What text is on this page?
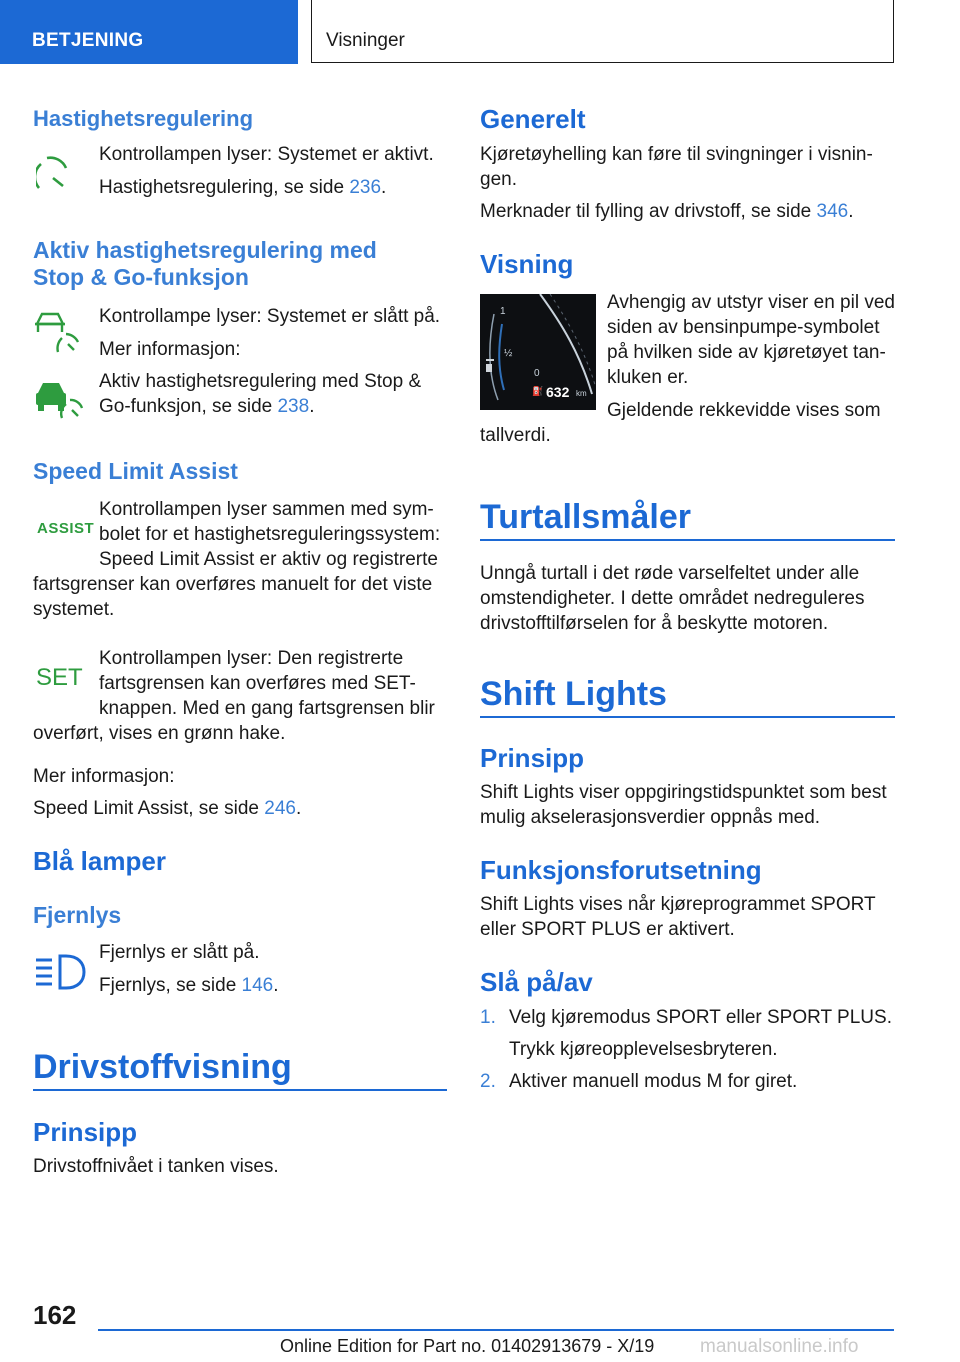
BETJENING	Visninger
Hastighetsregulering

Kontrollampen lyser: Systemet er aktivt.

Hastighetsregulering, se side 236.

Aktiv hastighetsregulering med
Stop & Go-funksjon

Kontrollampe lyser: Systemet er slått på.

Mer informasjon:

Aktiv hastighetsregulering med Stop &

Go-funksjon, se side 238.

Speed Limit Assist
ASSIST

Kontrollampen lyser sammen med sym-

bolet for et hastighetsreguleringssystem:

Speed Limit Assist er aktiv og registrerte

fartsgrenser kan overføres manuelt for det viste

systemet.

SET

Kontrollampen lyser: Den registrerte

fartsgrensen kan overføres med SET-

knappen. Med en gang fartsgrensen blir

overført, vises en grønn hake.

Mer informasjon:

Speed Limit Assist, se side 246.

Blå lamper
Fjernlys

Fjernlys er slått på.

Fjernlys, se side 146.

Drivstoffvisning
Prinsipp

Drivstoffnivået i tanken vises.

Generelt

Kjøretøyhelling kan føre til svingninger i visnin-

gen.

Merknader til fylling av drivstoff, se side 346.

Visning
1
½
0
⛽ 632 km

Avhengig av utstyr viser en pil ved

siden av bensinpumpe-symbolet

på hvilken side av kjøretøyet tan-

kluken er.

Gjeldende rekkevidde vises som

tallverdi.

Turtallsmåler

Unngå turtall i det røde varselfeltet under alle

omstendigheter. I dette området nedreguleres

drivstofftilførselen for å beskytte motoren.

Shift Lights
Prinsipp

Shift Lights viser oppgiringstidspunktet som best

mulig akselerasjonsverdier oppnås med.

Funksjonsforutsetning

Shift Lights vises når kjøreprogrammet SPORT

eller SPORT PLUS er aktivert.

Slå på/av
1. Velg kjøremodus SPORT eller SPORT PLUS.

Trykk kjøreopplevelsesbryteren.

2. Aktiver manuell modus M for giret.

162
Online Edition for Part no. 01402913679 - X/19 manualsonline.info
